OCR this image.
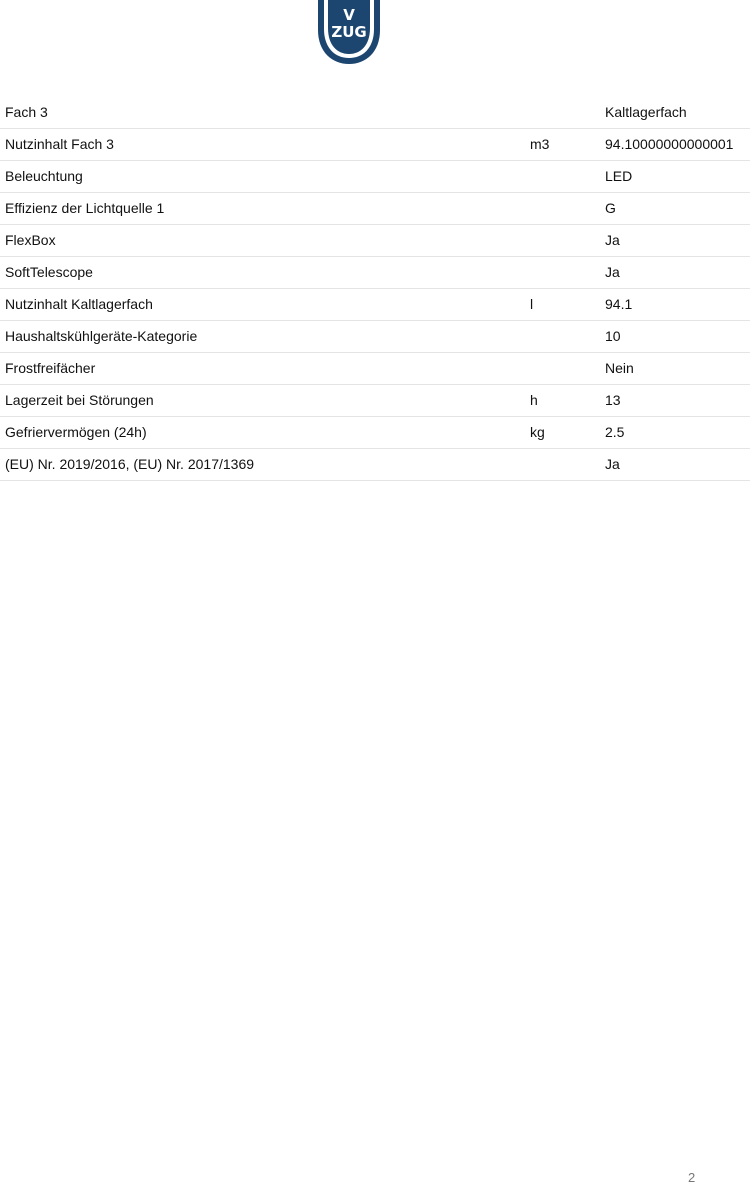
V
ZUG
Fach 3		Kaltlagerfach
Nutzinhalt Fach 3	m3	94.10000000000001
Beleuchtung		LED
Effizienz der Lichtquelle 1		G
FlexBox		Ja
SoftTelescope		Ja
Nutzinhalt Kaltlagerfach	l	94.1
Haushaltskühlgeräte-Kategorie		10
Frostfreifächer		Nein
Lagerzeit bei Störungen	h	13
Gefriervermögen (24h)	kg	2.5
(EU) Nr. 2019/2016, (EU) Nr. 2017/1369		Ja
2
